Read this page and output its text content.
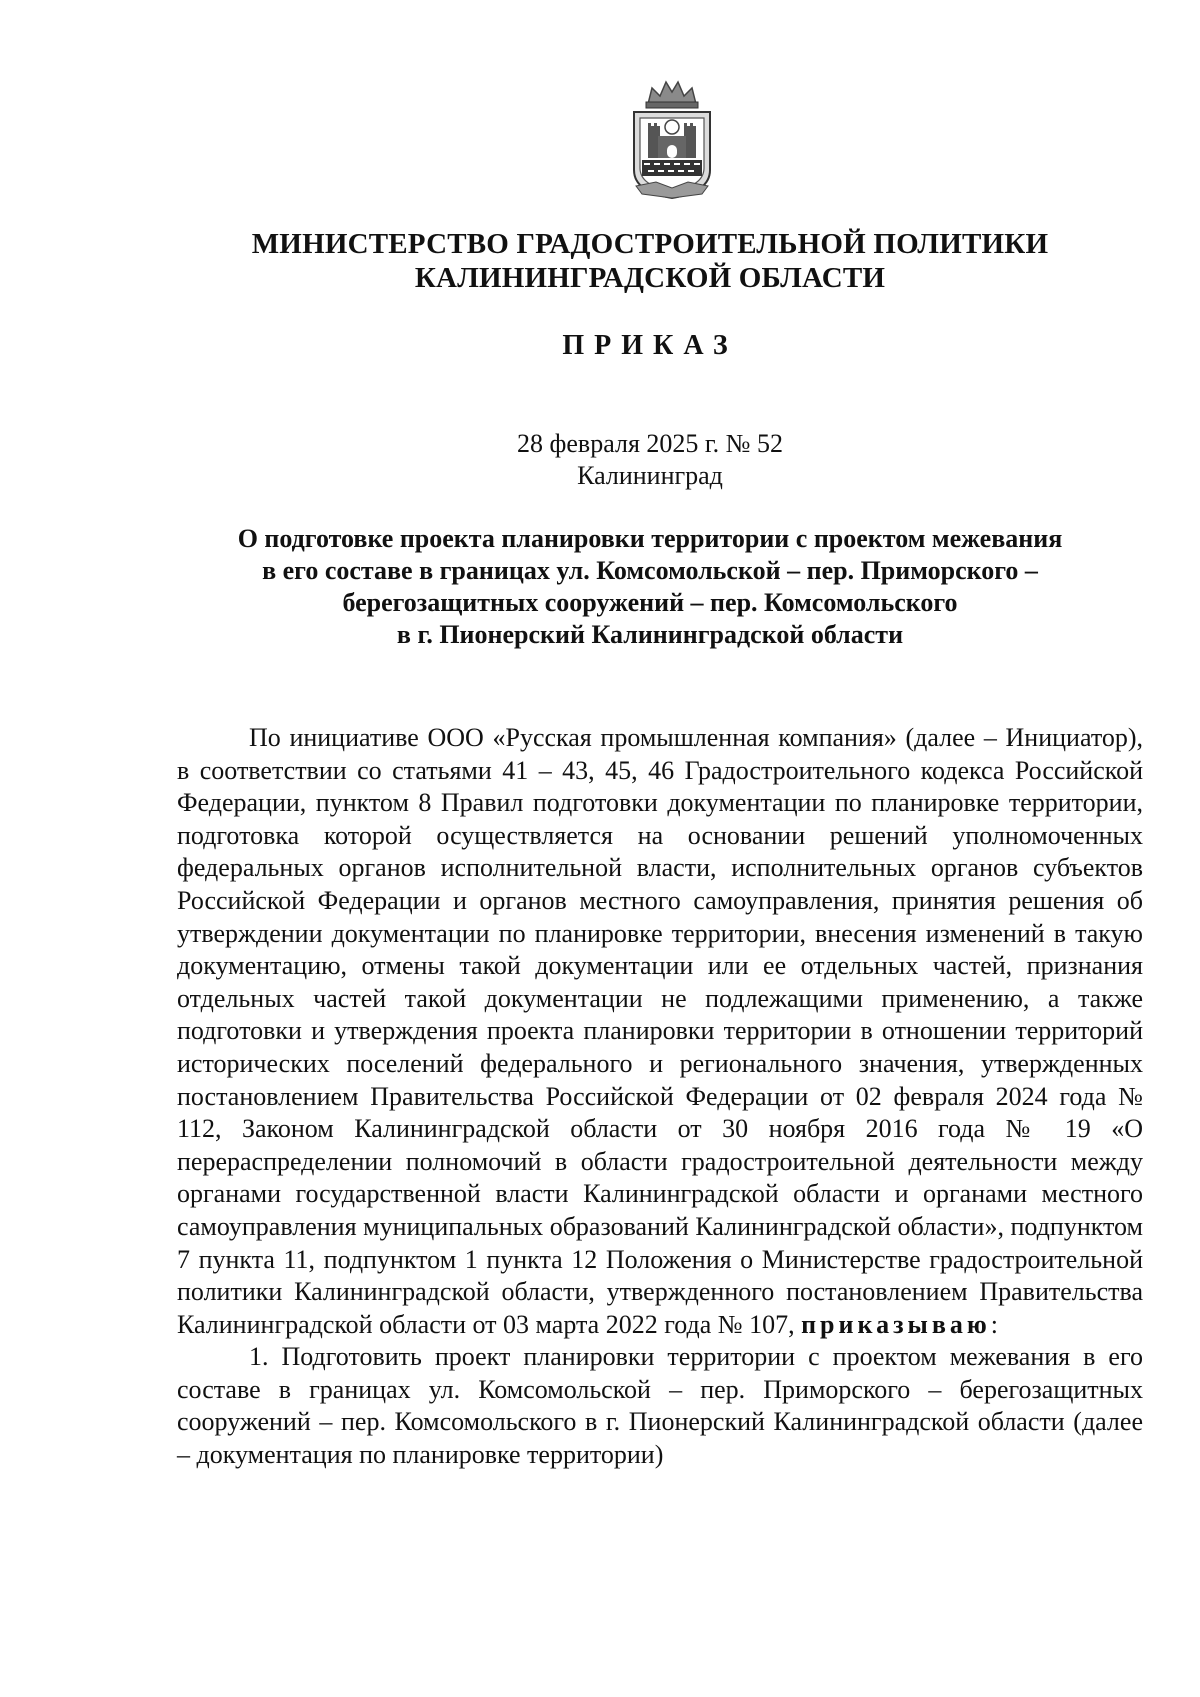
МИНИСТЕРСТВО ГРАДОСТРОИТЕЛЬНОЙ ПОЛИТИКИ
КАЛИНИНГРАДСКОЙ ОБЛАСТИ
ПРИКАЗ
28 февраля 2025 г. № 52
Калининград
О подготовке проекта планировки территории с проектом межевания
в его составе в границах ул. Комсомольской – пер. Приморского –
берегозащитных сооружений – пер. Комсомольского
в г. Пионерский Калининградской области

По инициативе ООО «Русская промышленная компания» (далее – Инициатор), в соответствии со статьями 41 – 43, 45, 46 Градостроительного кодекса Российской Федерации, пунктом 8 Правил подготовки документации по планировке территории, подготовка которой осуществляется на основании решений уполномоченных федеральных органов исполнительной власти, исполнительных органов субъектов Российской Федерации и органов местного самоуправления, принятия решения об утверждении документации по планировке территории, внесения изменений в такую документацию, отмены такой документации или ее отдельных частей, признания отдельных частей такой документации не подлежащими применению, а также подготовки и утверждения проекта планировки территории в отношении территорий исторических поселений федерального и регионального значения, утвержденных постановлением Правительства Российской Федерации от 02 февраля 2024 года № 112, Законом Калининградской области от 30 ноября 2016 года № 19 «О перераспределении полномочий в области градостроительной деятельности между органами государственной власти Калининградской области и органами местного самоуправления муниципальных образований Калининградской области», подпунктом 7 пункта 11, подпунктом 1 пункта 12 Положения о Министерстве градостроительной политики Калининградской области, утвержденного постановлением Правительства Калининградской области от 03 марта 2022 года № 107, приказываю:

1. Подготовить проект планировки территории с проектом межевания в его составе в границах ул. Комсомольской – пер. Приморского – берегозащитных сооружений – пер. Комсомольского в г. Пионерский Калининградской области (далее – документация по планировке территории)
